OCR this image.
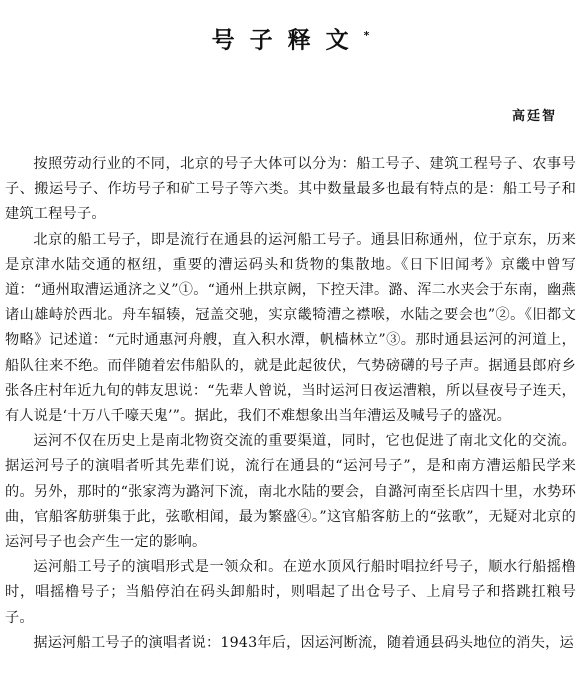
号子释文*
高廷智

按照劳动行业的不同，北京的号子大体可以分为：船工号子、建筑工程号子、农事号子、搬运号子、作坊号子和矿工号子等六类。其中数量最多也最有特点的是：船工号子和建筑工程号子。

北京的船工号子，即是流行在通县的运河船工号子。通县旧称通州，位于京东，历来是京津水陆交通的枢纽，重要的漕运码头和货物的集散地。《日下旧闻考》京畿中曾写道：“通州取漕运通济之义”①。“通州上拱京阙，下控天津。潞、浑二水夹会于东南，幽燕诸山雄峙於西北。舟车辐辏，冠盖交驰，实京畿犄漕之襟喉，水陆之要会也”②。《旧都文物略》记述道：“元时通惠河舟艘，直入积水潭，帆樯林立”③。那时通县运河的河道上，船队往来不绝。而伴随着宏伟船队的，就是此起彼伏，气势磅礴的号子声。据通县郎府乡张各庄村年近九旬的韩友思说：“先辈人曾说，当时运河日夜运漕粮，所以昼夜号子连天，有人说是‘十万八千嚎天鬼’”。据此，我们不难想象出当年漕运及喊号子的盛况。

运河不仅在历史上是南北物资交流的重要渠道，同时，它也促进了南北文化的交流。据运河号子的演唱者听其先辈们说，流行在通县的“运河号子”，是和南方漕运船民学来的。另外，那时的“张家湾为潞河下流，南北水陆的要会，自潞河南至长店四十里，水势环曲，官船客舫骈集于此，弦歌相闻，最为繁盛④。”这官船客舫上的“弦歌”，无疑对北京的运河号子也会产生一定的影响。

运河船工号子的演唱形式是一领众和。在逆水顶风行船时唱拉纤号子，顺水行船摇橹时，唱摇橹号子；当船停泊在码头卸船时，则唱起了出仓号子、上肩号子和搭跳扛粮号子。

据运河船工号子的演唱者说：1943年后，因运河断流，随着通县码头地位的消失，运
